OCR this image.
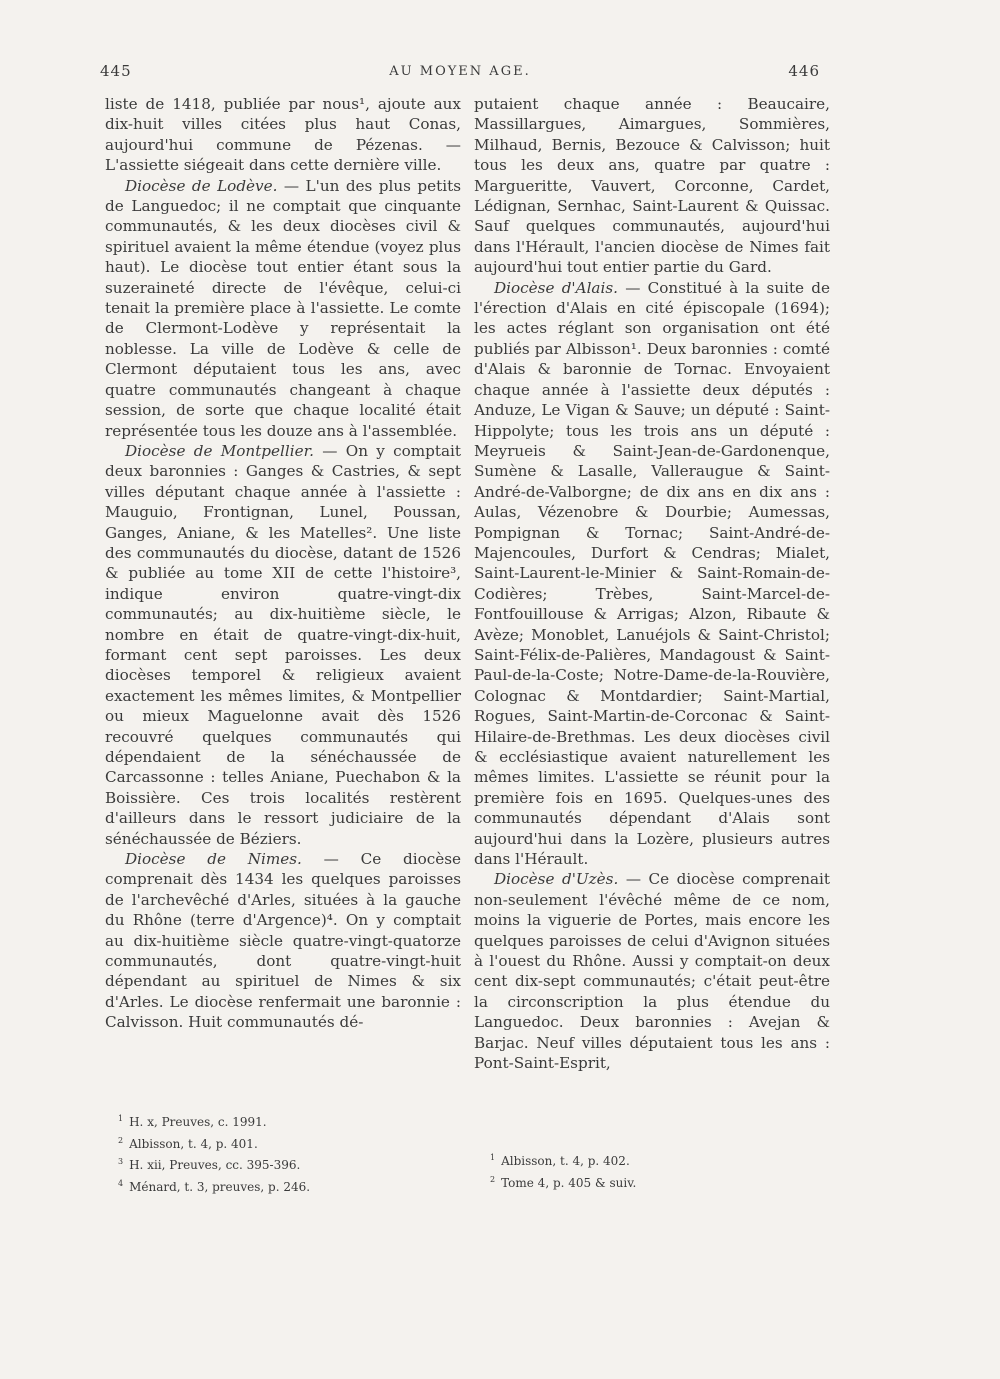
445	AU MOYEN AGE.	446

liste de 1418, publiée par nous¹, ajoute aux dix-huit villes citées plus haut Conas, aujourd'hui commune de Pézenas. — L'assiette siégeait dans cette dernière ville.

Diocèse de Lodève. — L'un des plus petits de Languedoc; il ne comptait que cinquante communautés, & les deux diocèses civil & spirituel avaient la même étendue (voyez plus haut). Le diocèse tout entier étant sous la suzeraineté directe de l'évêque, celui-ci tenait la première place à l'assiette. Le comte de Clermont-Lodève y représentait la noblesse. La ville de Lodève & celle de Clermont députaient tous les ans, avec quatre communautés changeant à chaque session, de sorte que chaque localité était représentée tous les douze ans à l'assemblée.

Diocèse de Montpellier. — On y comptait deux baronnies : Ganges & Castries, & sept villes députant chaque année à l'assiette : Mauguio, Frontignan, Lunel, Poussan, Ganges, Aniane, & les Matelles². Une liste des communautés du diocèse, datant de 1526 & publiée au tome XII de cette l'histoire³, indique environ quatre-vingt-dix communautés; au dix-huitième siècle, le nombre en était de quatre-vingt-dix-huit, formant cent sept paroisses. Les deux diocèses temporel & religieux avaient exactement les mêmes limites, & Montpellier ou mieux Maguelonne avait dès 1526 recouvré quelques communautés qui dépendaient de la sénéchaussée de Carcassonne : telles Aniane, Puechabon & la Boissière. Ces trois localités restèrent d'ailleurs dans le ressort judiciaire de la sénéchaussée de Béziers.

Diocèse de Nimes. — Ce diocèse comprenait dès 1434 les quelques paroisses de l'archevêché d'Arles, situées à la gauche du Rhône (terre d'Argence)⁴. On y comptait au dix-huitième siècle quatre-vingt-quatorze communautés, dont quatre-vingt-huit dépendant au spirituel de Nimes & six d'Arles. Le diocèse renfermait une baronnie : Calvisson. Huit communautés dé-

putaient chaque année : Beaucaire, Massillargues, Aimargues, Sommières, Milhaud, Bernis, Bezouce & Calvisson; huit tous les deux ans, quatre par quatre : Margueritte, Vauvert, Corconne, Cardet, Lédignan, Sernhac, Saint-Laurent & Quissac. Sauf quelques communautés, aujourd'hui dans l'Hérault, l'ancien diocèse de Nimes fait aujourd'hui tout entier partie du Gard.

Diocèse d'Alais. — Constitué à la suite de l'érection d'Alais en cité épiscopale (1694); les actes réglant son organisation ont été publiés par Albisson¹. Deux baronnies : comté d'Alais & baronnie de Tornac. Envoyaient chaque année à l'assiette deux députés : Anduze, Le Vigan & Sauve; un député : Saint-Hippolyte; tous les trois ans un député : Meyrueis & Saint-Jean-de-Gardonenque, Sumène & Lasalle, Valleraugue & Saint-André-de-Valborgne; de dix ans en dix ans : Aulas, Vézenobre & Dourbie; Aumessas, Pompignan & Tornac; Saint-André-de-Majencoules, Durfort & Cendras; Mialet, Saint-Laurent-le-Minier & Saint-Romain-de-Codières; Trèbes, Saint-Marcel-de-Fontfouillouse & Arrigas; Alzon, Ribaute & Avèze; Monoblet, Lanuéjols & Saint-Christol; Saint-Félix-de-Palières, Mandagoust & Saint-Paul-de-la-Coste; Notre-Dame-de-la-Rouvière, Colognac & Montdardier; Saint-Martial, Rogues, Saint-Martin-de-Corconac & Saint-Hilaire-de-Brethmas. Les deux diocèses civil & ecclésiastique avaient naturellement les mêmes limites. L'assiette se réunit pour la première fois en 1695. Quelques-unes des communautés dépendant d'Alais sont aujourd'hui dans la Lozère, plusieurs autres dans l'Hérault.

Diocèse d'Uzès. — Ce diocèse comprenait non-seulement l'évêché même de ce nom, moins la viguerie de Portes, mais encore les quelques paroisses de celui d'Avignon situées à l'ouest du Rhône. Aussi y comptait-on deux cent dix-sept communautés; c'était peut-être la circonscription la plus étendue du Languedoc. Deux baronnies : Avejan & Barjac. Neuf villes députaient tous les ans : Pont-Saint-Esprit,

$^1$ H. x, Preuves, c. 1991.
$^2$ Albisson, t. 4, p. 401.
$^3$ H. xii, Preuves, cc. 395-396.
$^4$ Ménard, t. 3, preuves, p. 246.
$^1$ Albisson, t. 4, p. 402.
$^2$ Tome 4, p. 405 & suiv.
